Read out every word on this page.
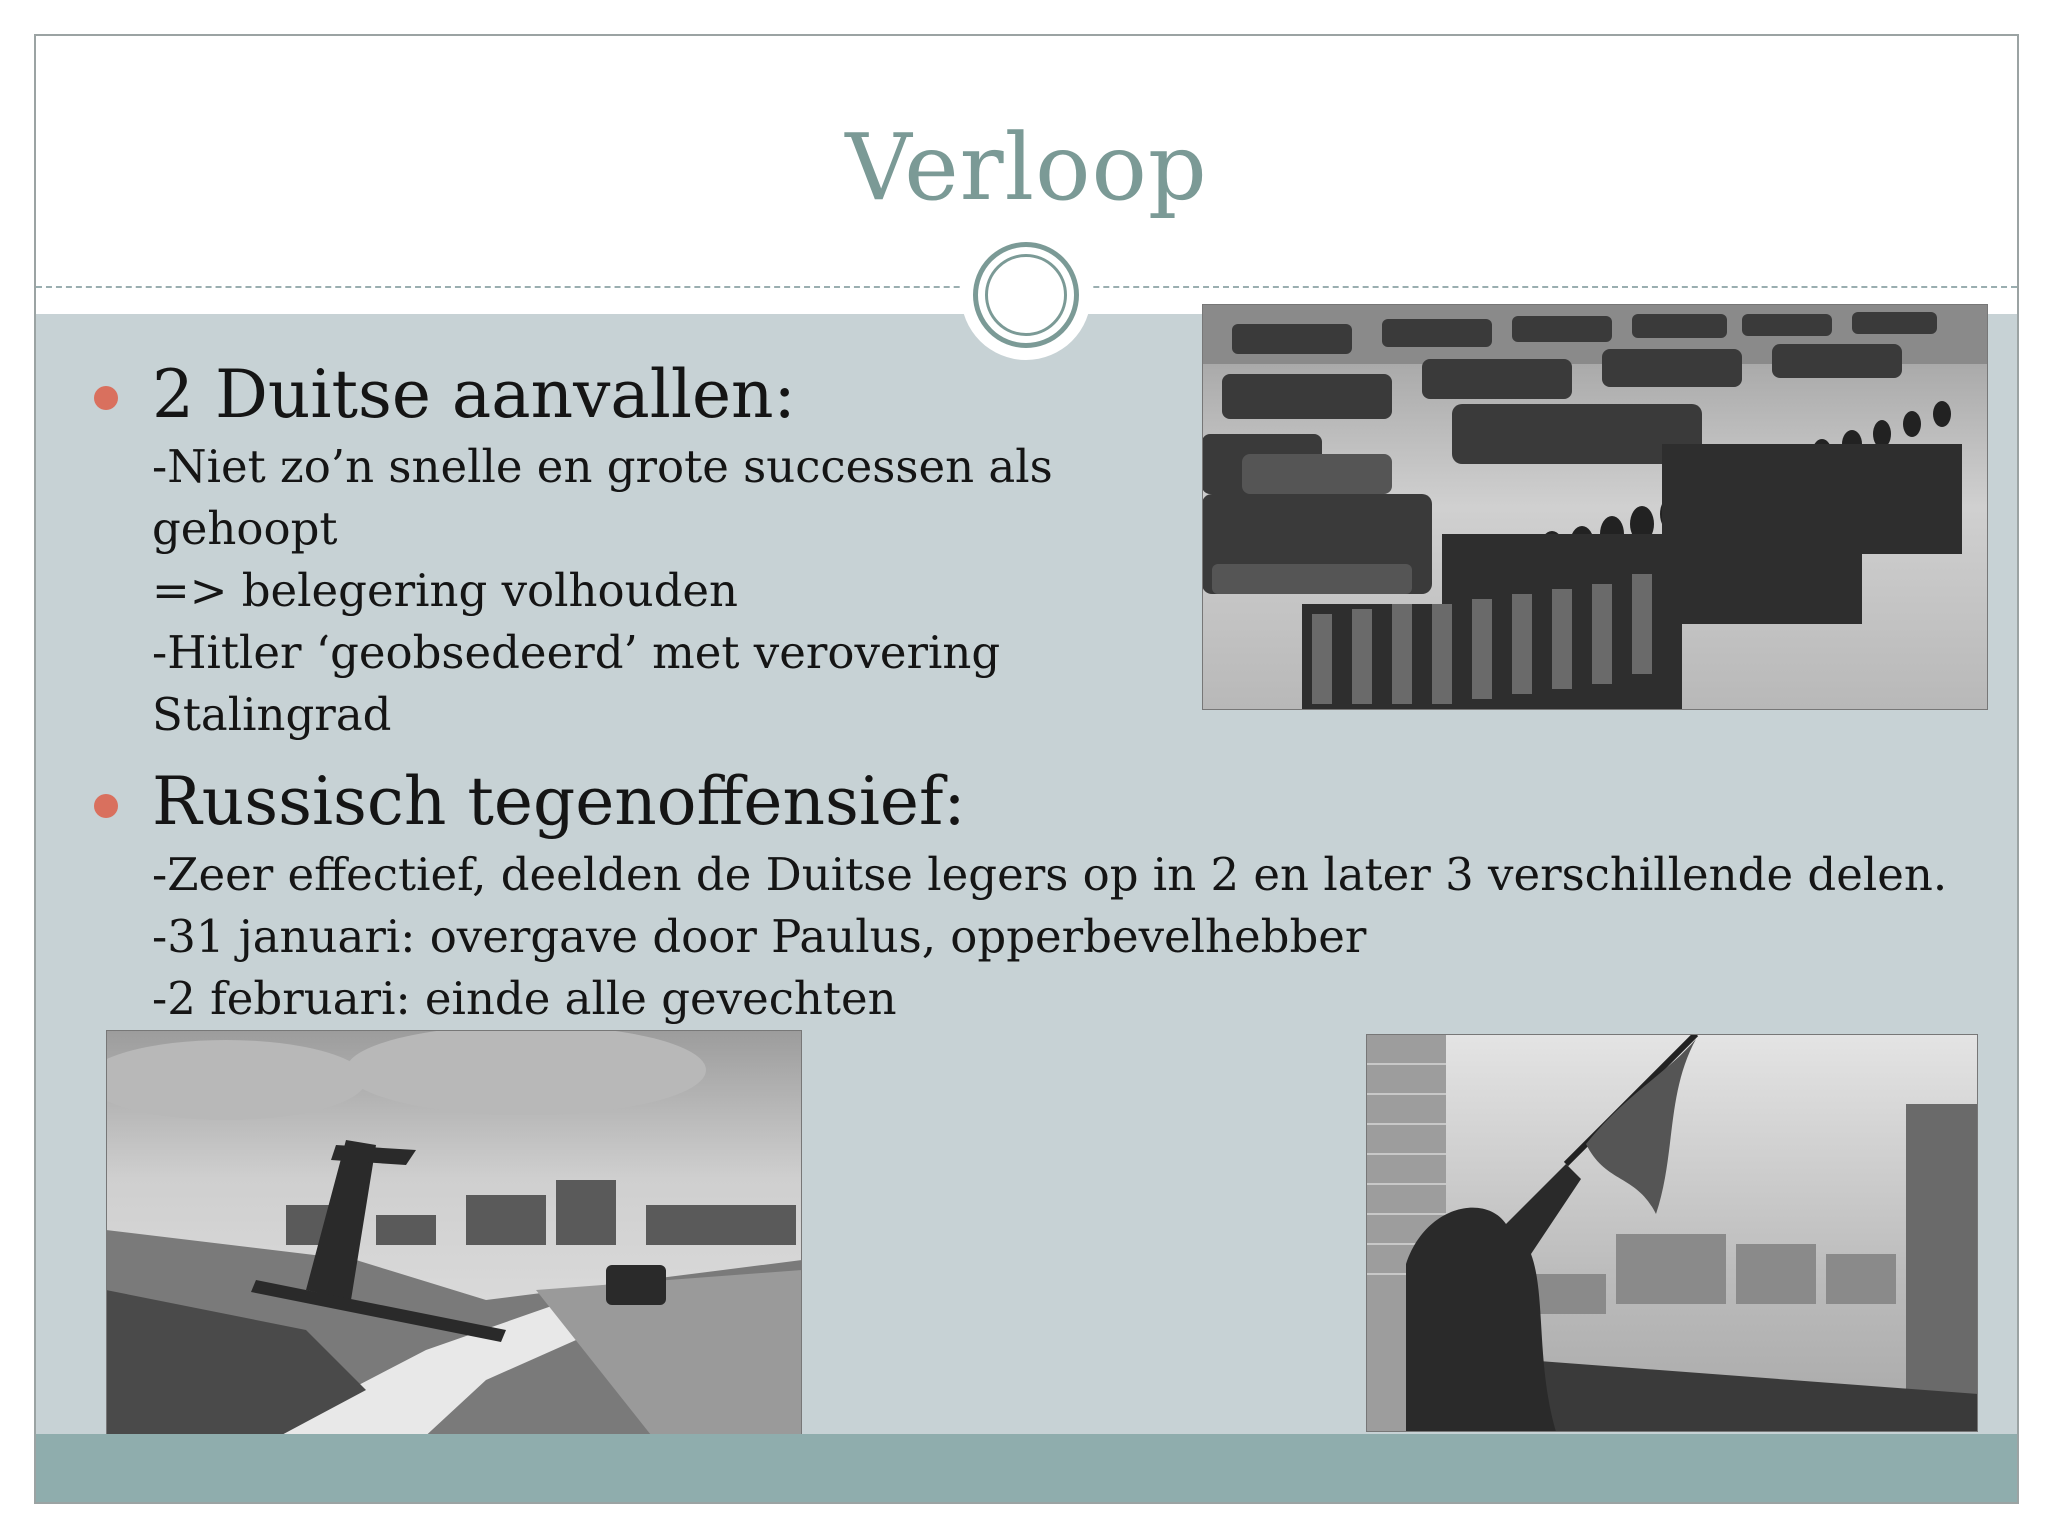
Verloop
2 Duitse aanvallen:
-Niet zo’n snelle en grote successen als
gehoopt
=> belegering volhouden
-Hitler ‘geobsedeerd’ met verovering
Stalingrad
Russisch tegenoffensief:
-Zeer effectief, deelden de Duitse legers op in 2 en later 3 verschillende delen.
-31 januari: overgave door Paulus, opperbevelhebber
-2 februari: einde alle gevechten
